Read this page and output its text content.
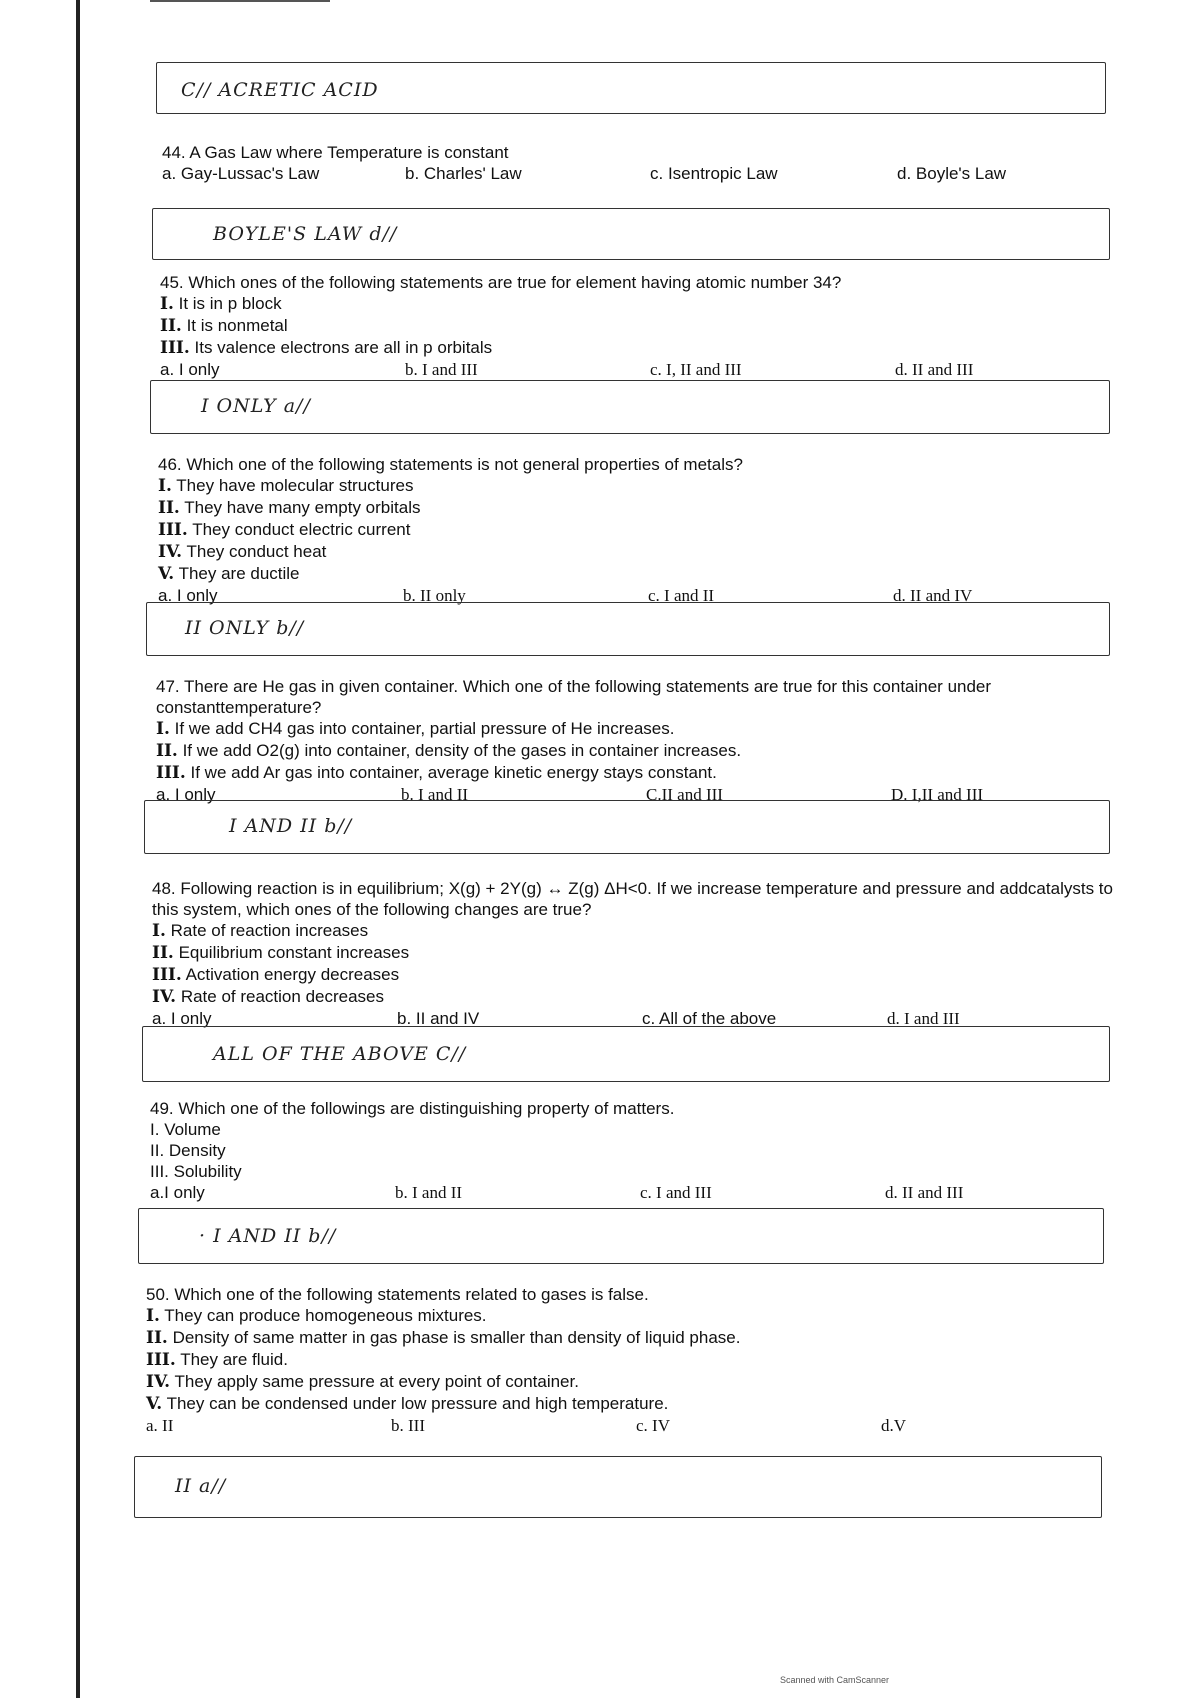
C// ACRETIC ACID

44. A Gas Law where Temperature is constant

a. Gay-Lussac's Law	b. Charles' Law	c. Isentropic Law	d. Boyle's Law
BOYLE'S LAW d//

45. Which ones of the following statements are true for element having atomic number 34?

I. It is in p block

II. It is nonmetal

III. Its valence electrons are all in p orbitals

a. I only	b. I and III	c. I, II and III	d. II and III
I ONLY a//

46. Which one of the following statements is not general properties of metals?

I. They have molecular structures

II. They have many empty orbitals

III. They conduct electric current

IV. They conduct heat

V. They are ductile

a. I only	b. II only	c. I and II	d. II and IV
II ONLY b//

47. There are He gas in given container. Which one of the following statements are true for this container under constanttemperature?

I. If we add CH4 gas into container, partial pressure of He increases.

II. If we add O2(g) into container, density of the gases in container increases.

III. If we add Ar gas into container, average kinetic energy stays constant.

a. I only	b. I and II	C.II and III	D. I,II and III
I AND II b//

48. Following reaction is in equilibrium; X(g) + 2Y(g) ↔ Z(g) ΔH<0. If we increase temperature and pressure and addcatalysts to this system, which ones of the following changes are true?

I. Rate of reaction increases

II. Equilibrium constant increases

III. Activation energy decreases

IV. Rate of reaction decreases

a. I only	b. II and IV	c. All of the above	d. I and III
ALL OF THE ABOVE C//

49. Which one of the followings are distinguishing property of matters.

I. Volume

II. Density

III. Solubility

a.I only	b. I and II	c. I and III	d. II and III
· I AND II b//

50. Which one of the following statements related to gases is false.

I. They can produce homogeneous mixtures.

II. Density of same matter in gas phase is smaller than density of liquid phase.

III. They are fluid.

IV. They apply same pressure at every point of container.

V. They can be condensed under low pressure and high temperature.

a. II	b. III	c. IV	d.V
II a//
Scanned with CamScanner
